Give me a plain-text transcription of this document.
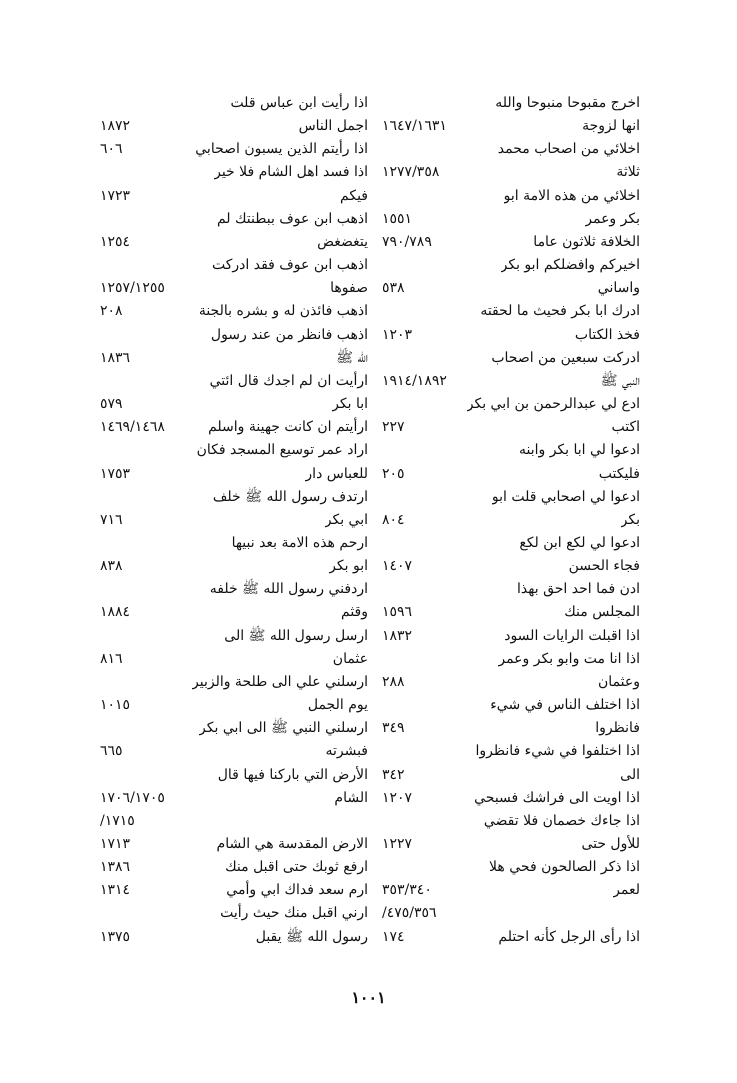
اخرج مقبوحا منبوحا والله
انها لزوجة
١٦٤٧/١٦٣١
اخلائي من اصحاب محمد
ثلاثة
١٢٧٧/٣٥٨
اخلائي من هذه الامة ابو
بكر وعمر
١٥٥١
الخلافة ثلاثون عاما
٧٩٠/٧٨٩
اخيركم وافضلكم ابو بكر
واساني
٥٣٨
ادرك ابا بكر فحيث ما لحقته
فخذ الكتاب
١٢٠٣
ادركت سبعين من اصحاب
النبي ﷺ
١٩١٤/١٨٩٢
ادع لي عبدالرحمن بن ابي بكر
اكتب
٢٢٧
ادعوا لي ابا بكر وابنه
فليكتب
٢٠٥
ادعوا لي اصحابي قلت ابو
بكر
٨٠٤
ادعوا لي لكع ابن لكع
فجاء الحسن
١٤٠٧
ادن فما احد احق بهذا
المجلس منك
١٥٩٦
اذا اقبلت الرايات السود
١٨٣٢
اذا انا مت وابو بكر وعمر
وعثمان
٢٨٨
اذا اختلف الناس في شيء
فانظروا
٣٤٩
اذا اختلفوا في شيء فانظروا
الى
٣٤٢
اذا اويت الى فراشك فسبحي
١٢٠٧
اذا جاءك خصمان فلا تقضي
للأول حتى
١٢٢٧
اذا ذكر الصالحون فحي هلا
لعمر
٣٥٣/٣٤٠
/٤٧٥/٣٥٦
اذا رأى الرجل كأنه احتلم
١٧٤
اذا رأيت ابن عباس قلت
اجمل الناس
١٨٧٢
اذا رأيتم الذين يسبون اصحابي
٦٠٦
اذا فسد اهل الشام فلا خير
فيكم
١٧٢٣
اذهب ابن عوف ببطنتك لم
يتغضغض
١٢٥٤
اذهب ابن عوف فقد ادركت
صفوها
١٢٥٧/١٢٥٥
اذهب فائذن له و بشره بالجنة
٢٠٨
اذهب فانظر من عند رسول
الله ﷺ
١٨٣٦
ارأيت ان لم اجدك قال ائتي
ابا بكر
٥٧٩
ارأيتم ان كانت جهينة واسلم
١٤٦٩/١٤٦٨
اراد عمر توسيع المسجد فكان
للعباس دار
١٧٥٣
ارتدف رسول الله ﷺ خلف
ابي بكر
٧١٦
ارحم هذه الامة بعد نبيها
ابو بكر
٨٣٨
اردفني رسول الله ﷺ خلفه
وقثم
١٨٨٤
ارسل رسول الله ﷺ الى
عثمان
٨١٦
ارسلني علي الى طلحة والزبير
يوم الجمل
١٠١٥
ارسلني النبي ﷺ الى ابي بكر
فبشرته
٦٦٥
الأرض التي باركنا فيها قال
الشام
١٧٠٦/١٧٠٥
/١٧١٥
الارض المقدسة هي الشام
١٧١٣
ارفع ثوبك حتى اقبل منك
١٣٨٦
ارم سعد فداك ابي وأمي
١٣١٤
ارني اقبل منك حيث رأيت
رسول الله ﷺ يقبل
١٣٧٥
١٠٠١
